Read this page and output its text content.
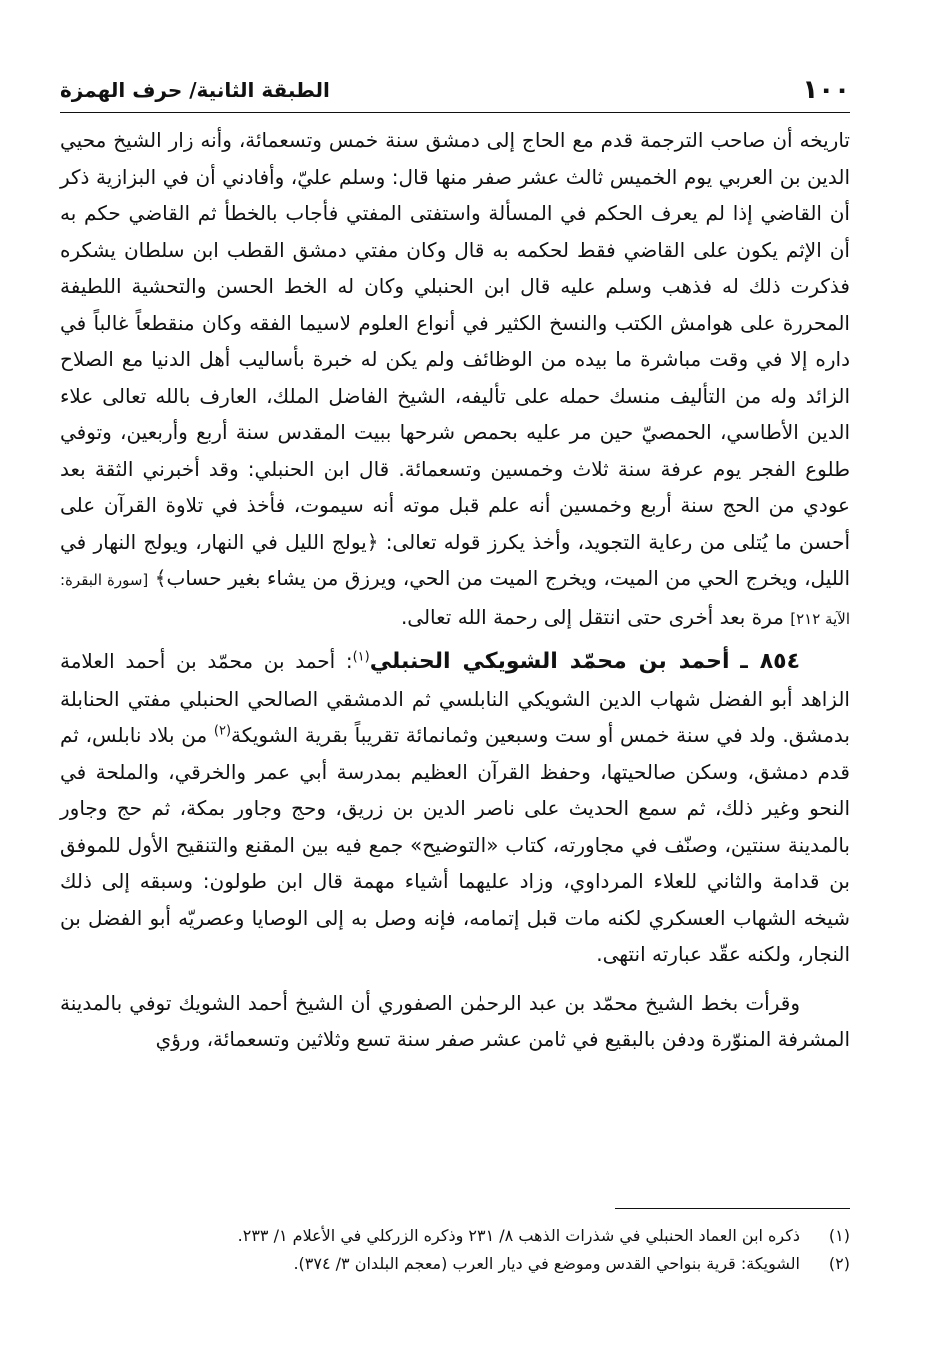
١٠٠
الطبقة الثانية/ حرف الهمزة

تاريخه أن صاحب الترجمة قدم مع الحاج إلى دمشق سنة خمس وتسعمائة، وأنه زار الشيخ محيي الدين بن العربي يوم الخميس ثالث عشر صفر منها قال: وسلم عليّ، وأفادني أن في البزازية ذكر أن القاضي إذا لم يعرف الحكم في المسألة واستفتى المفتي فأجاب بالخطأ ثم القاضي حكم به أن الإثم يكون على القاضي فقط لحكمه به قال وكان مفتي دمشق القطب ابن سلطان يشكره فذكرت ذلك له فذهب وسلم عليه قال ابن الحنبلي وكان له الخط الحسن والتحشية اللطيفة المحررة على هوامش الكتب والنسخ الكثير في أنواع العلوم لاسيما الفقه وكان منقطعاً غالباً في داره إلا في وقت مباشرة ما بيده من الوظائف ولم يكن له خبرة بأساليب أهل الدنيا مع الصلاح الزائد وله من التأليف منسك حمله على تأليفه، الشيخ الفاضل الملك، العارف بالله تعالى علاء الدين الأطاسي، الحمصيّ حين مر عليه بحمص شرحها ببيت المقدس سنة أربع وأربعين، وتوفي طلوع الفجر يوم عرفة سنة ثلاث وخمسين وتسعمائة. قال ابن الحنبلي: وقد أخبرني الثقة بعد عودي من الحج سنة أربع وخمسين أنه علم قبل موته أنه سيموت، فأخذ في تلاوة القرآن على أحسن ما يُتلى من رعاية التجويد، وأخذ يكرز قوله تعالى: ﴿يولج الليل في النهار، ويولج النهار في الليل، ويخرج الحي من الميت، ويخرج الميت من الحي، ويرزق من يشاء بغير حساب﴾ [سورة البقرة: الآية ٢١٢] مرة بعد أخرى حتى انتقل إلى رحمة الله تعالى.

٨٥٤ ـ أحمد بن محمّد الشويكي الحنبلي$^{(١)}$: أحمد بن محمّد بن أحمد العلامة الزاهد أبو الفضل شهاب الدين الشويكي النابلسي ثم الدمشقي الصالحي الحنبلي مفتي الحنابلة بدمشق. ولد في سنة خمس أو ست وسبعين وثمانمائة تقريباً بقرية الشويكة$^{(٢)}$ من بلاد نابلس، ثم قدم دمشق، وسكن صالحيتها، وحفظ القرآن العظيم بمدرسة أبي عمر والخرقي، والملحة في النحو وغير ذلك، ثم سمع الحديث على ناصر الدين بن زريق، وحج وجاور بمكة، ثم حج وجاور بالمدينة سنتين، وصنّف في مجاورته، كتاب «التوضيح» جمع فيه بين المقنع والتنقيح الأول للموفق بن قدامة والثاني للعلاء المرداوي، وزاد عليهما أشياء مهمة قال ابن طولون: وسبقه إلى ذلك شيخه الشهاب العسكري لكنه مات قبل إتمامه، فإنه وصل به إلى الوصايا وعصريّه أبو الفضل بن النجار، ولكنه عقّد عبارته انتهى.

وقرأت بخط الشيخ محمّد بن عبد الرحمٰن الصفوري أن الشيخ أحمد الشويك توفي بالمدينة المشرفة المنوّرة ودفن بالبقيع في ثامن عشر صفر سنة تسع وثلاثين وتسعمائة، ورؤي

(١)
ذكره ابن العماد الحنبلي في شذرات الذهب ٨/ ٢٣١ وذكره الزركلي في الأعلام ١/ ٢٣٣.
(٢)
الشويكة: قرية بنواحي القدس وموضع في ديار العرب (معجم البلدان ٣/ ٣٧٤).
